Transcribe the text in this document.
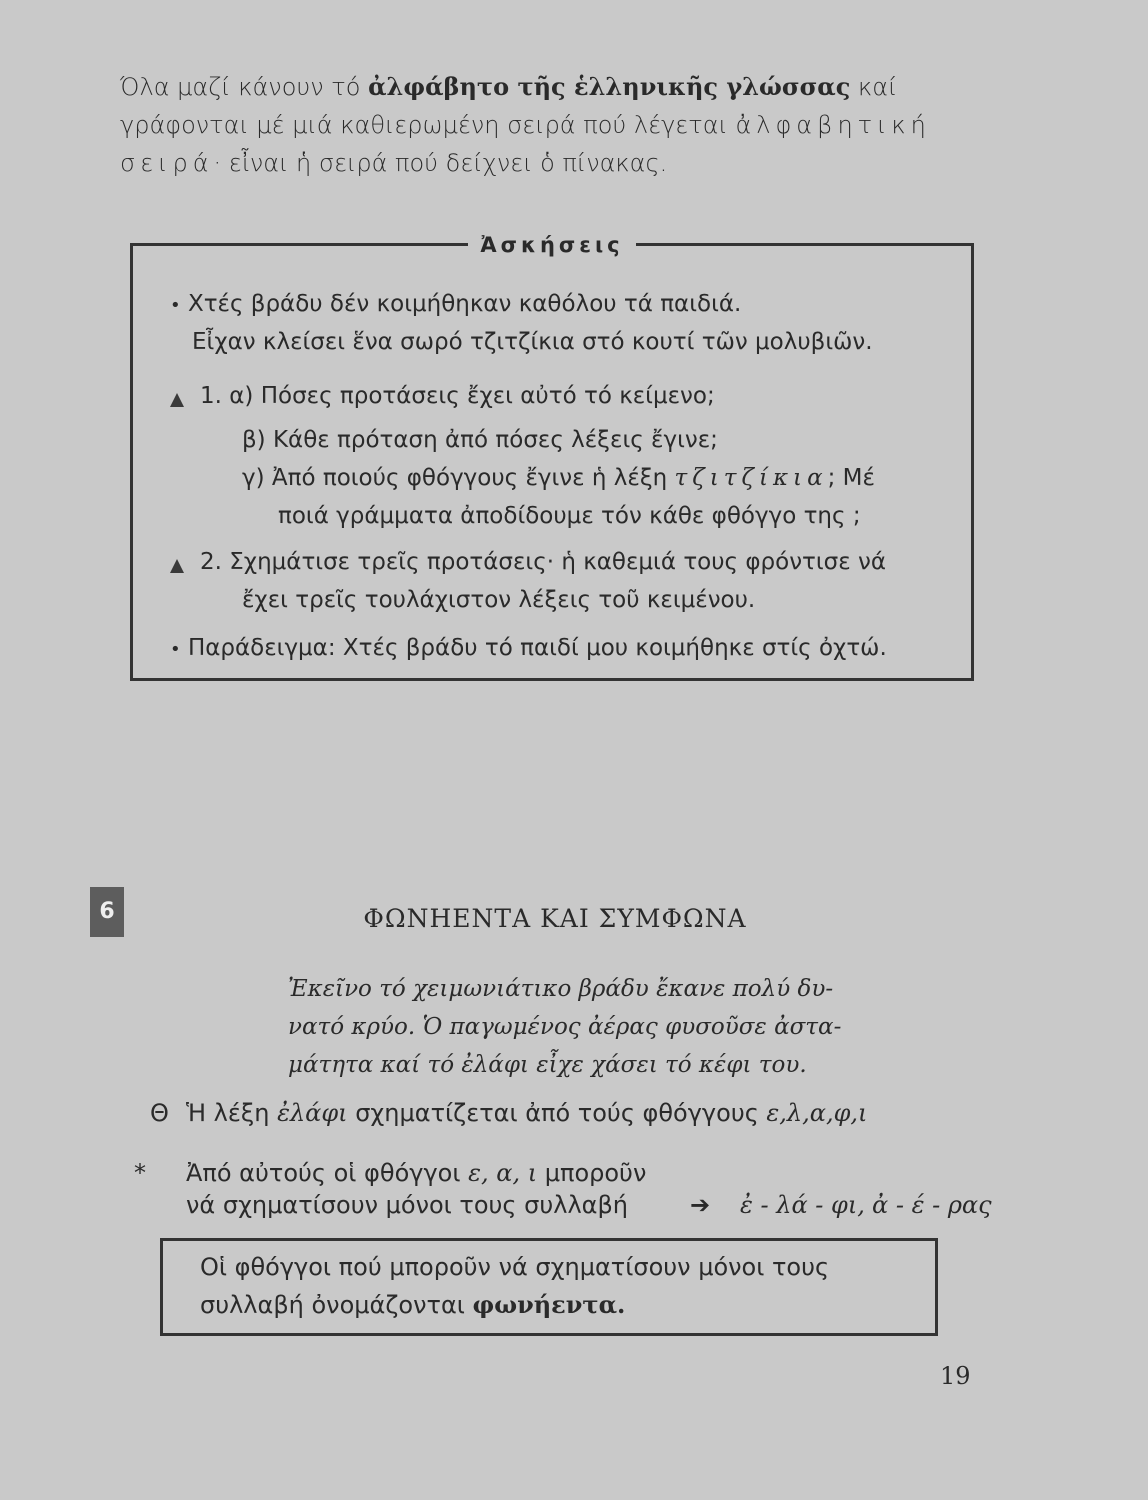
Όλα μαζί κάνουν τό ἀλφάβητο τῆς ἑλληνικῆς γλώσσας καί

γράφονται μέ μιά καθιερωμένη σειρά πού λέγεται ἀλφαβητική

σειρά· εἶναι ἡ σειρά πού δείχνει ὁ πίνακας.

Ἀσκήσεις
• Χτές βράδυ δέν κοιμήθηκαν καθόλου τά παιδιά.
Εἶχαν κλείσει ἕνα σωρό τζιτζίκια στό κουτί τῶν μολυβιῶν.
1. α) Πόσες προτάσεις ἔχει αὐτό τό κείμενο;
β) Κάθε πρόταση ἀπό πόσες λέξεις ἔγινε;
γ) Ἀπό ποιούς φθόγγους ἔγινε ἡ λέξη τζιτζίκια; Μέ
ποιά γράμματα ἀποδίδουμε τόν κάθε φθόγγο της ;
2. Σχημάτισε τρεῖς προτάσεις· ἡ καθεμιά τους φρόντισε νά
ἔχει τρεῖς τουλάχιστον λέξεις τοῦ κειμένου.
• Παράδειγμα: Χτές βράδυ τό παιδί μου κοιμήθηκε στίς ὀχτώ.
6	ΦΩΝΗΕΝΤΑ ΚΑΙ ΣΥΜΦΩΝΑ
Ἐκεῖνο τό χειμωνιάτικο βράδυ ἔκανε πολύ δυ-
νατό κρύο. Ὁ παγωμένος ἀέρας φυσοῦσε ἀστα-
μάτητα καί τό ἐλάφι εἶχε χάσει τό κέφι του.
Θ Ἡ λέξη ἐλάφι σχηματίζεται ἀπό τούς φθόγγους ε,λ,α,φ,ι
* Ἀπό αὐτούς οἱ φθόγγοι ε, α, ι μποροῦν
νά σχηματίσουν μόνοι τους συλλαβή	➔ ἐ - λά - φι, ἀ - έ - ρας
Οἱ φθόγγοι πού μποροῦν νά σχηματίσουν μόνοι τους
συλλαβή ὀνομάζονται φωνήεντα.
19
